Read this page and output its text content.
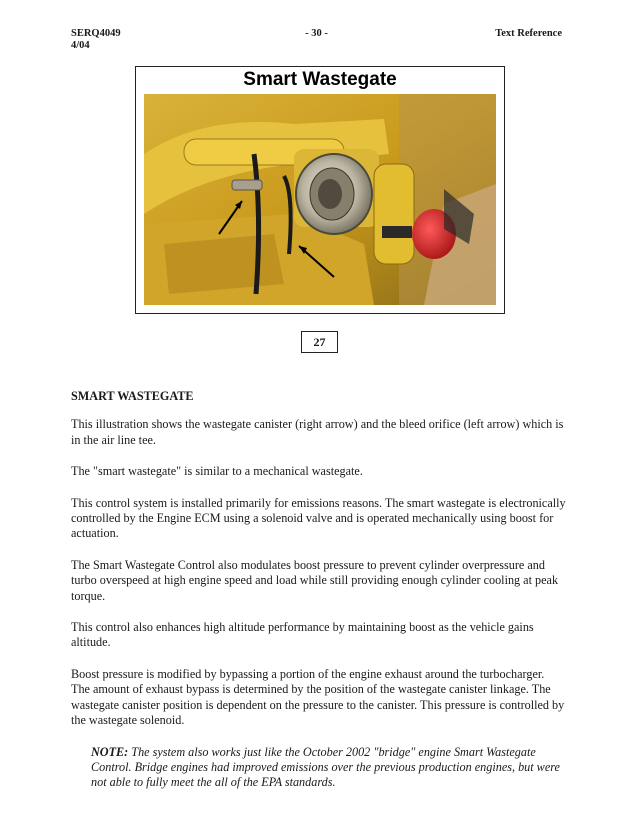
SERQ4049
4/04
- 30 -	Text Reference
Smart Wastegate
27
SMART WASTEGATE

This illustration shows the wastegate canister (right arrow) and the bleed orifice (left arrow) which is in the air line tee.

The "smart wastegate" is similar to a mechanical wastegate.

This control system is installed primarily for emissions reasons. The smart wastegate is electronically controlled by the Engine ECM using a solenoid valve and is operated mechanically using boost for actuation.

The Smart Wastegate Control also modulates boost pressure to prevent cylinder overpressure and turbo overspeed at high engine speed and load while still providing enough cylinder cooling at peak torque.

This control also enhances high altitude performance by maintaining boost as the vehicle gains altitude.

Boost pressure is modified by bypassing a portion of the engine exhaust around the turbocharger. The amount of exhaust bypass is determined by the position of the wastegate canister linkage. The wastegate canister position is dependent on the pressure to the canister. This pressure is controlled by the wastegate solenoid.

NOTE: The system also works just like the October 2002 "bridge" engine Smart Wastegate Control. Bridge engines had improved emissions over the previous production engines, but were not able to fully meet the all of the EPA standards.
